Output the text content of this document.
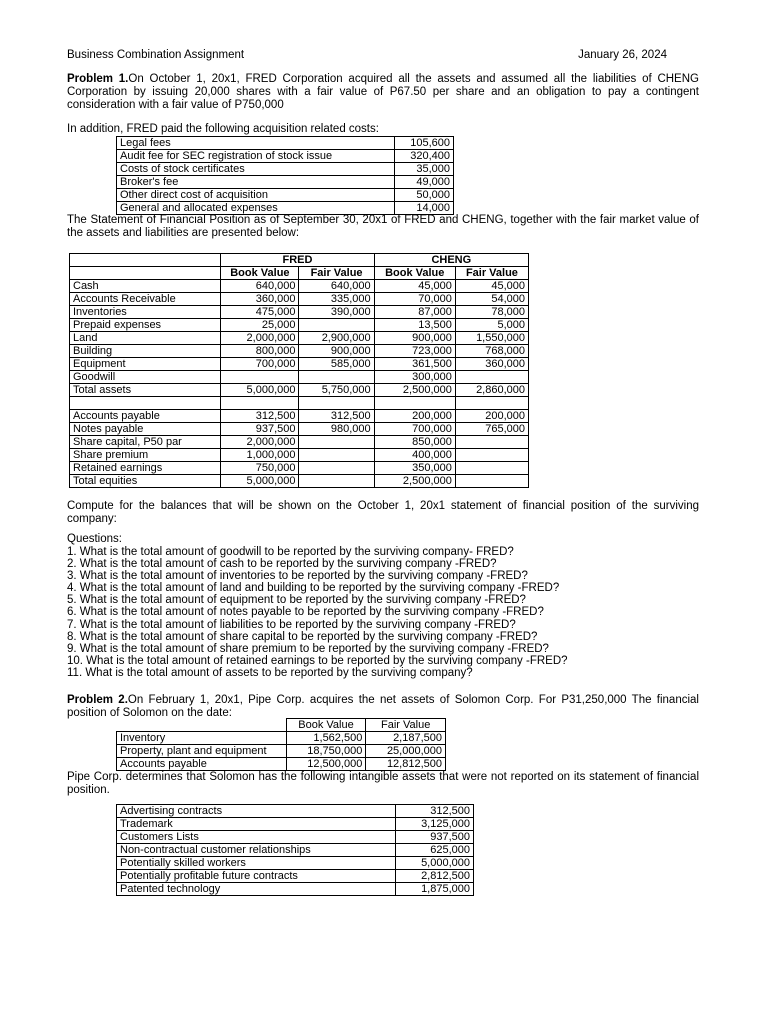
Business Combination Assignment	January 26, 2024
Problem 1.On October 1, 20x1, FRED Corporation acquired all the assets and assumed all the liabilities of CHENG Corporation by issuing 20,000 shares with a fair value of P67.50 per share and an obligation to pay a contingent consideration with a fair value of P750,000
In addition, FRED paid the following acquisition related costs:
Legal fees	105,600
Audit fee for SEC registration of stock issue	320,400
Costs of stock certificates	35,000
Broker's fee	49,000
Other direct cost of acquisition	50,000
General and allocated expenses	14,000
The Statement of Financial Position as of September 30, 20x1 of FRED and CHENG, together with the fair market value of the assets and liabilities are presented below:
	FRED		CHENG	
	Book Value	Fair Value	Book Value	Fair Value
Cash	640,000	640,000	45,000	45,000
Accounts Receivable	360,000	335,000	70,000	54,000
Inventories	475,000	390,000	87,000	78,000
Prepaid expenses	25,000		13,500	5,000
Land	2,000,000	2,900,000	900,000	1,550,000
Building	800,000	900,000	723,000	768,000
Equipment	700,000	585,000	361,500	360,000
Goodwill			300,000	
Total assets	5,000,000	5,750,000	2,500,000	2,860,000

Accounts payable	312,500	312,500	200,000	200,000
Notes payable	937,500	980,000	700,000	765,000
Share capital, P50 par	2,000,000		850,000	
Share premium	1,000,000		400,000	
Retained earnings	750,000		350,000	
Total equities	5,000,000		2,500,000	
Compute for the balances that will be shown on the October 1, 20x1 statement of financial position of the surviving company:
Questions:
1. What is the total amount of goodwill to be reported by the surviving company- FRED?
2. What is the total amount of cash to be reported by the surviving company -FRED?
3. What is the total amount of inventories to be reported by the surviving company -FRED?
4. What is the total amount of land and building to be reported by the surviving company -FRED?
5. What is the total amount of equipment to be reported by the surviving company -FRED?
6. What is the total amount of notes payable to be reported by the surviving company -FRED?
7. What is the total amount of liabilities to be reported by the surviving company -FRED?
8. What is the total amount of share capital to be reported by the surviving company -FRED?
9. What is the total amount of share premium to be reported by the surviving company -FRED?
10. What is the total amount of retained earnings to be reported by the surviving company -FRED?
11. What is the total amount of assets to be reported by the surviving company?
Problem 2.On February 1, 20x1, Pipe Corp. acquires the net assets of Solomon Corp. For P31,250,000 The financial position of Solomon on the date:
	Book Value	Fair Value
Inventory	1,562,500	2,187,500
Property, plant and equipment	18,750,000	25,000,000
Accounts payable	12,500,000	12,812,500
Pipe Corp. determines that Solomon has the following intangible assets that were not reported on its statement of financial position.
Advertising contracts	312,500
Trademark	3,125,000
Customers Lists	937,500
Non-contractual customer relationships	625,000
Potentially skilled workers	5,000,000
Potentially profitable future contracts	2,812,500
Patented technology	1,875,000
